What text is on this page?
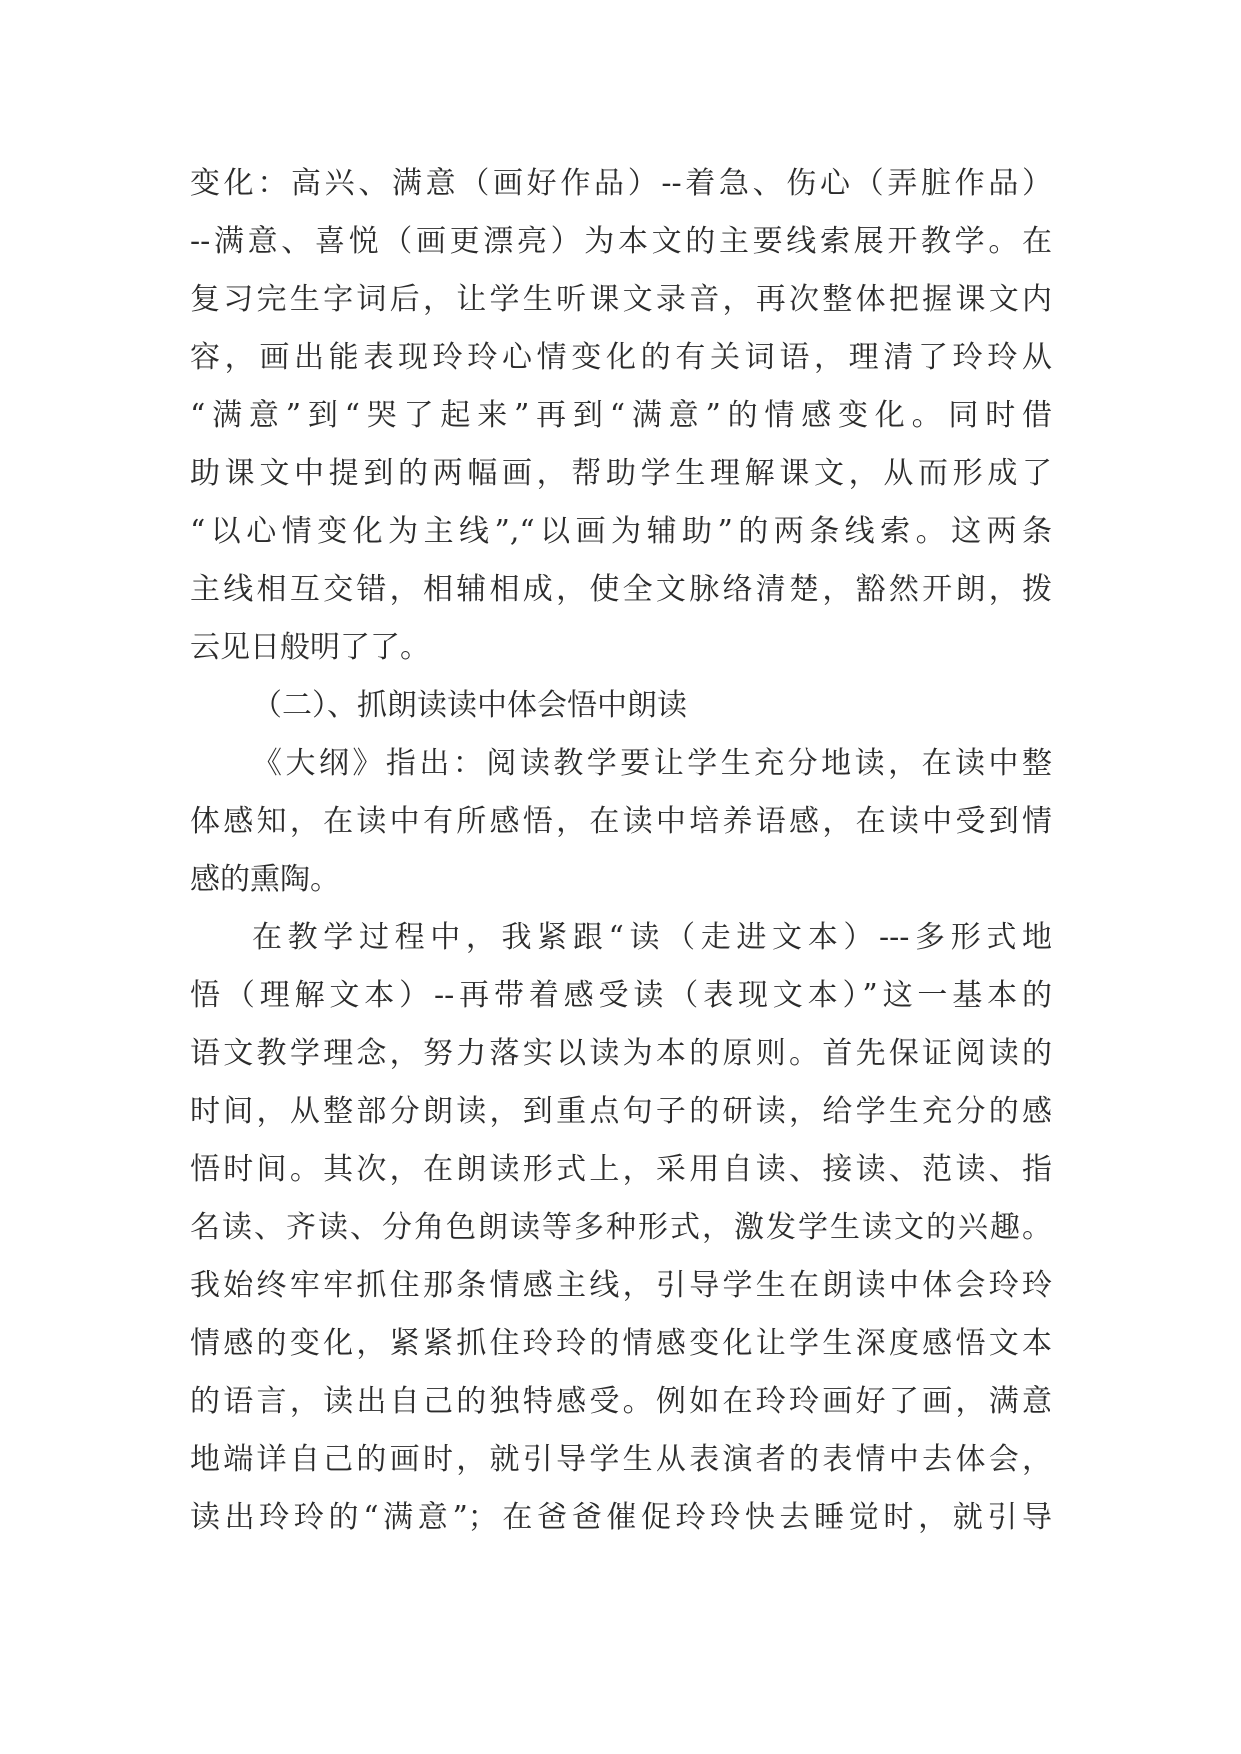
变化：高兴、满意（画好作品）--着急、伤心（弄脏作品）
--满意、喜悦（画更漂亮）为本文的主要线索展开教学。在
复习完生字词后，让学生听课文录音，再次整体把握课文内
容，画出能表现玲玲心情变化的有关词语，理清了玲玲从
“满意”到“哭了起来”再到“满意”的情感变化。同时借
助课文中提到的两幅画，帮助学生理解课文，从而形成了
“以心情变化为主线”,“以画为辅助”的两条线索。这两条
主线相互交错，相辅相成，使全文脉络清楚，豁然开朗，拨
云见日般明了了。
（二）、抓朗读读中体会悟中朗读
《大纲》指出：阅读教学要让学生充分地读，在读中整
体感知，在读中有所感悟，在读中培养语感，在读中受到情
感的熏陶。
在教学过程中，我紧跟“读（走进文本）---多形式地
悟（理解文本）--再带着感受读（表现文本）”这一基本的
语文教学理念，努力落实以读为本的原则。首先保证阅读的
时间，从整部分朗读，到重点句子的研读，给学生充分的感
悟时间。其次，在朗读形式上，采用自读、接读、范读、指
名读、齐读、分角色朗读等多种形式，激发学生读文的兴趣。
我始终牢牢抓住那条情感主线，引导学生在朗读中体会玲玲
情感的变化，紧紧抓住玲玲的情感变化让学生深度感悟文本
的语言，读出自己的独特感受。例如在玲玲画好了画，满意
地端详自己的画时，就引导学生从表演者的表情中去体会，
读出玲玲的“满意”；在爸爸催促玲玲快去睡觉时，就引导
